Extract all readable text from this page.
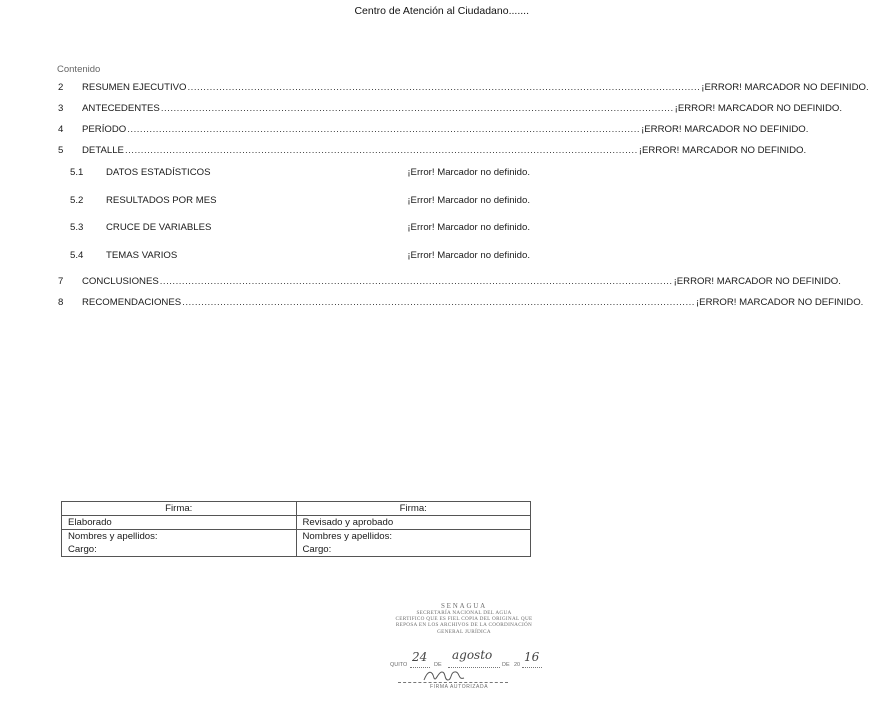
Centro de Atención al Ciudadano.......
Contenido
2	RESUMEN EJECUTIVO .................................................................................................................................................................. ¡ERROR! MARCADOR NO DEFINIDO.
3	ANTECEDENTES .................................................................................................................................................................. ¡ERROR! MARCADOR NO DEFINIDO.
4	PERÍODO .................................................................................................................................................................. ¡ERROR! MARCADOR NO DEFINIDO.
5	DETALLE .................................................................................................................................................................. ¡ERROR! MARCADOR NO DEFINIDO.
5.1	DATOS ESTADÍSTICOS	¡Error! Marcador no definido.
5.2	RESULTADOS POR MES	¡Error! Marcador no definido.
5.3	CRUCE DE VARIABLES	¡Error! Marcador no definido.
5.4	TEMAS VARIOS	¡Error! Marcador no definido.
7	CONCLUSIONES .................................................................................................................................................................. ¡ERROR! MARCADOR NO DEFINIDO.
8	RECOMENDACIONES .................................................................................................................................................................. ¡ERROR! MARCADOR NO DEFINIDO.
Firma:	Firma:
Elaborado	Revisado y aprobado
Nombres y apellidos:	Nombres y apellidos:
Cargo:	Cargo:
SENAGUA
SECRETARÍA NACIONAL DEL AGUA
CERTIFICO QUE ES FIEL COPIA DEL ORIGINAL QUE
REPOSA EN LOS ARCHIVOS DE LA COORDINACIÓN
GENERAL JURÍDICA
QUITO
24
DE
agosto
DE 20
16
FIRMA AUTORIZADA
